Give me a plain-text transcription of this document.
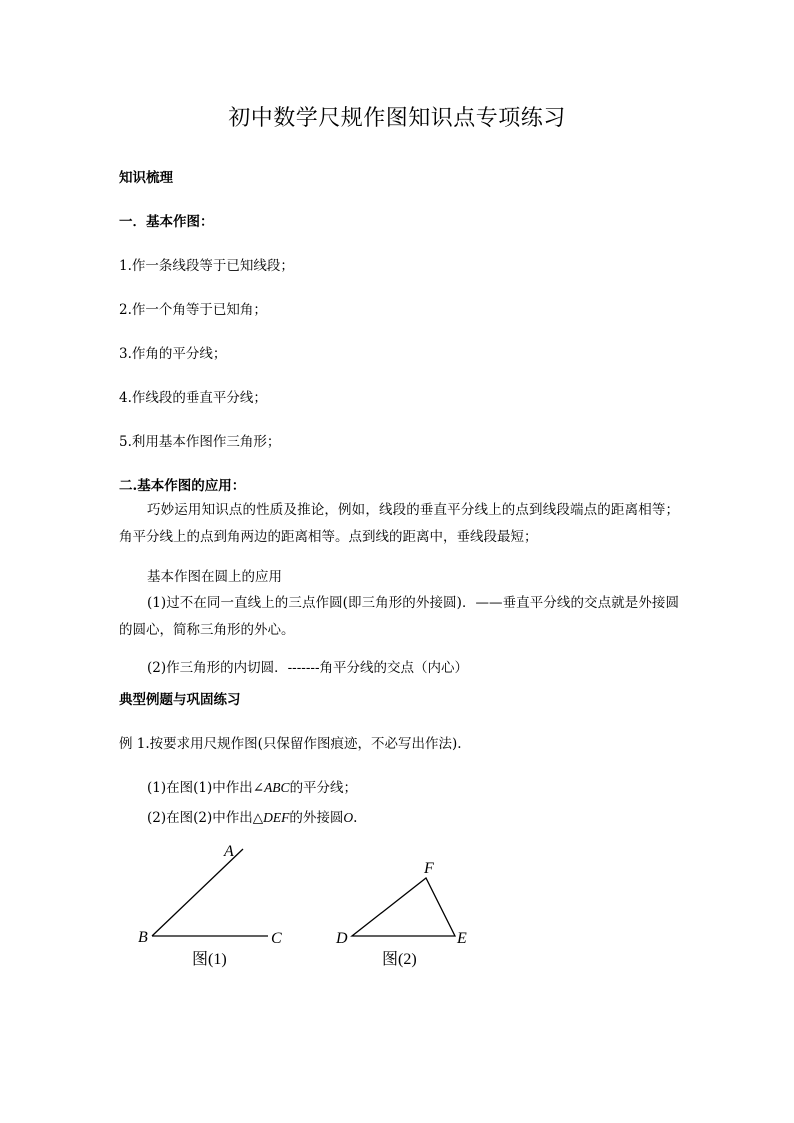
初中数学尺规作图知识点专项练习
知识梳理
一．基本作图：
1.作一条线段等于已知线段；
2.作一个角等于已知角；
3.作角的平分线；
4.作线段的垂直平分线；
5.利用基本作图作三角形；
二.基本作图的应用：
巧妙运用知识点的性质及推论，例如，线段的垂直平分线上的点到线段端点的距离相等；角平分线上的点到角两边的距离相等。点到线的距离中，垂线段最短；
基本作图在圆上的应用
(1)过不在同一直线上的三点作圆(即三角形的外接圆)．——垂直平分线的交点就是外接圆的圆心，简称三角形的外心。
(2)作三角形的内切圆．-------角平分线的交点（内心）
典型例题与巩固练习
例 1.按要求用尺规作图(只保留作图痕迹，不必写出作法).
(1)在图(1)中作出∠ABC的平分线；
(2)在图(2)中作出△DEF的外接圆O.
A
B	C
图(1)
F
D	E
图(2)
